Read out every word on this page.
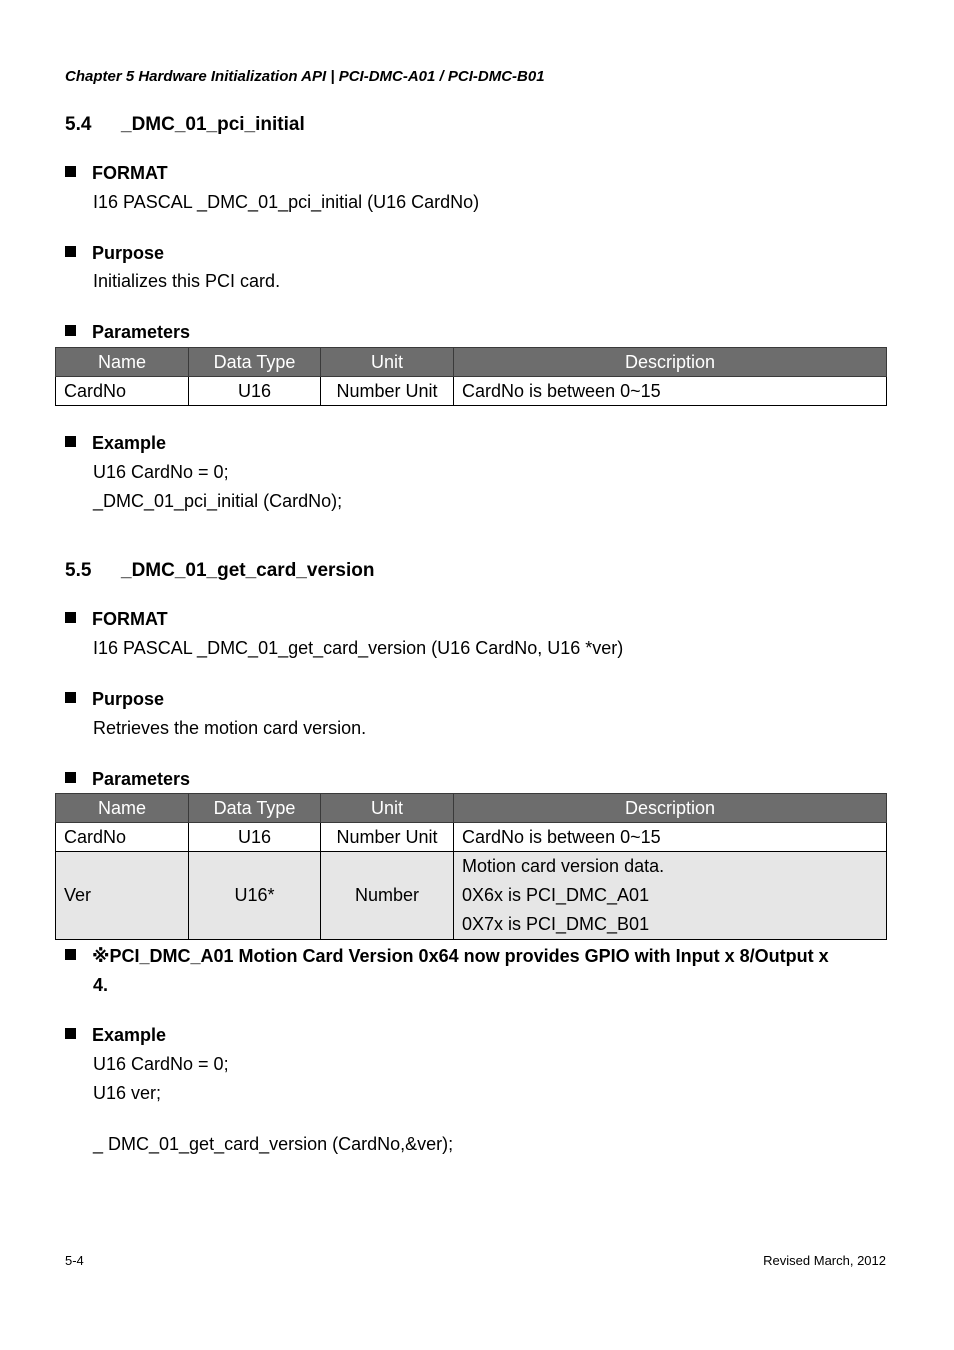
Chapter 5 Hardware Initialization API | PCI-DMC-A01 / PCI-DMC-B01
5.4 _DMC_01_pci_initial
FORMAT
I16 PASCAL _DMC_01_pci_initial (U16 CardNo)
Purpose
Initializes this PCI card.
Parameters
Name	Data Type	Unit	Description
CardNo	U16	Number Unit	CardNo is between 0~15
Example
U16 CardNo = 0;
_DMC_01_pci_initial (CardNo);
5.5 _DMC_01_get_card_version
FORMAT
I16 PASCAL _DMC_01_get_card_version (U16 CardNo, U16 *ver)
Purpose
Retrieves the motion card version.
Parameters
Name	Data Type	Unit	Description
CardNo	U16	Number Unit	CardNo is between 0~15
Ver	U16*	Number	Motion card version data.
0X6x is PCI_DMC_A01
0X7x is PCI_DMC_B01
※PCI_DMC_A01 Motion Card Version 0x64 now provides GPIO with Input x 8/Output x
4.
Example
U16 CardNo = 0;
U16 ver;
_ DMC_01_get_card_version (CardNo,&ver);
5-4	Revised March, 2012
